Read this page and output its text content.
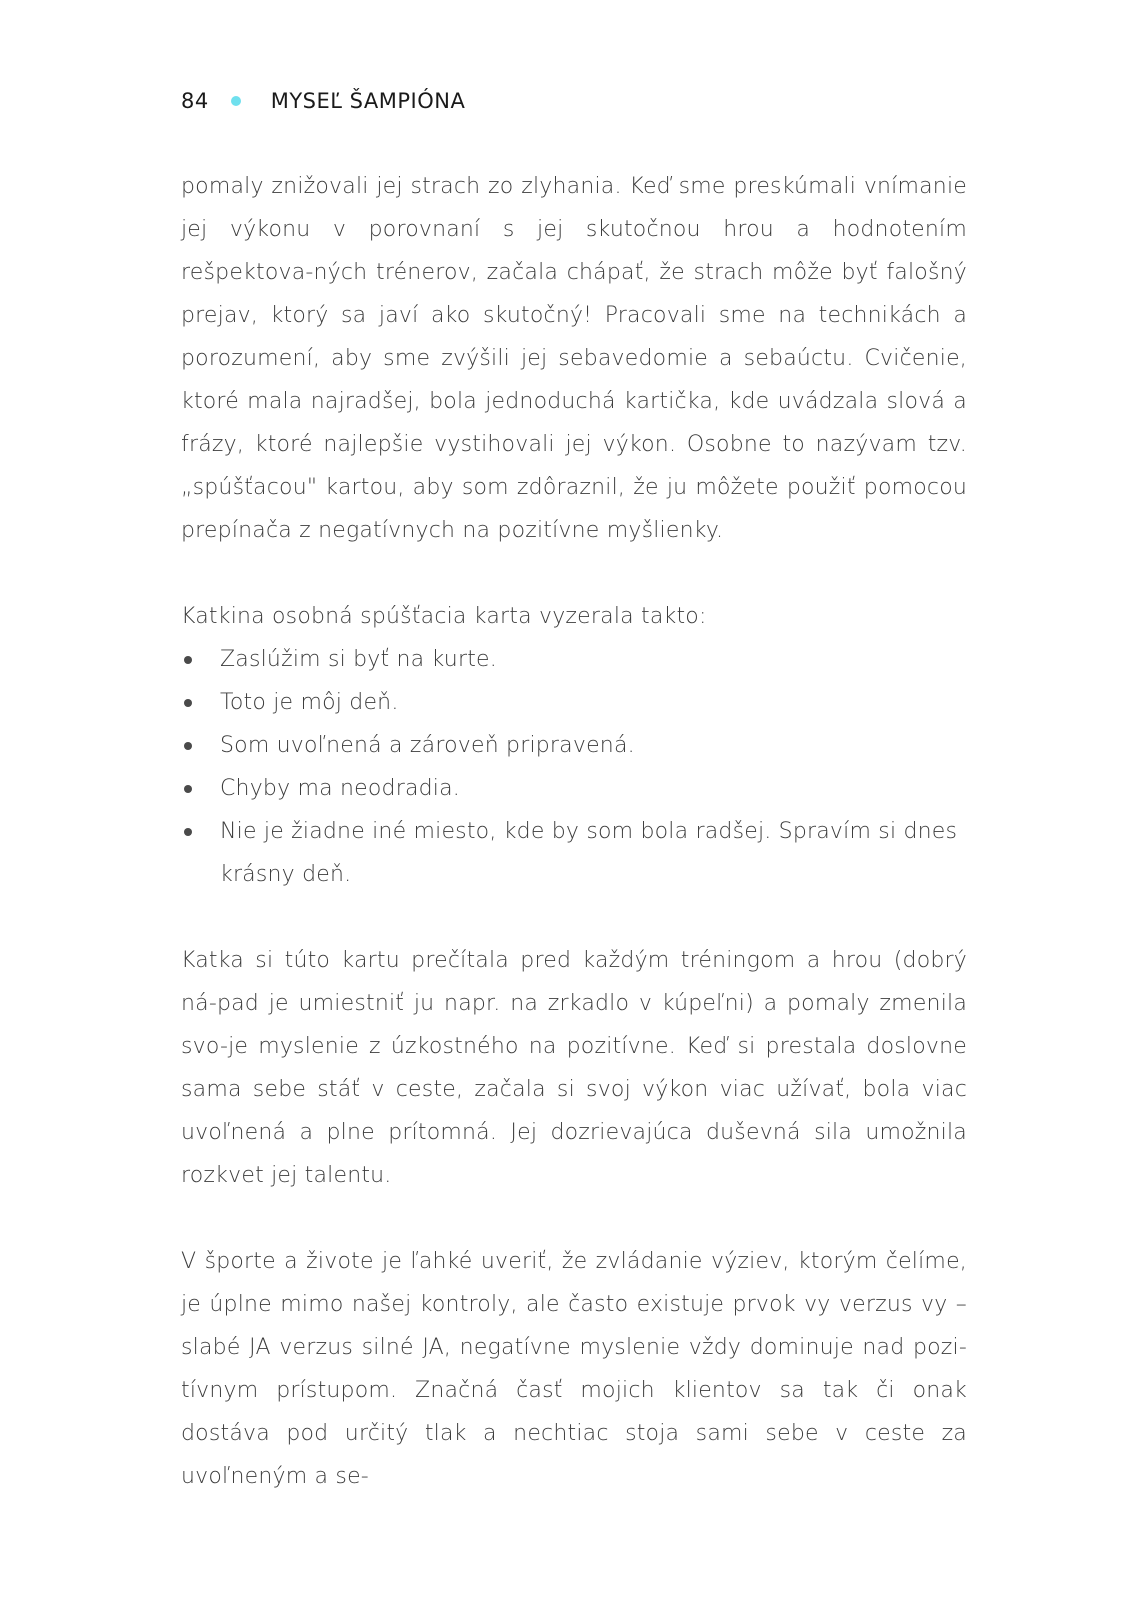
84	MYSEĽ ŠAMPIÓNA

pomaly znižovali jej strach zo zlyhania. Keď sme preskúmali vnímanie jej výkonu v porovnaní s jej skutočnou hrou a hodnotením rešpektova-ných trénerov, začala chápať, že strach môže byť falošný prejav, ktorý sa javí ako skutočný! Pracovali sme na technikách a porozumení, aby sme zvýšili jej sebavedomie a sebaúctu. Cvičenie, ktoré mala najradšej, bola jednoduchá kartička, kde uvádzala slová a frázy, ktoré najlepšie vystihovali jej výkon. Osobne to nazývam tzv. „spúšťacou" kartou, aby som zdôraznil, že ju môžete použiť pomocou prepínača z negatívnych na pozitívne myšlienky.

Katkina osobná spúšťacia karta vyzerala takto:

Zaslúžim si byť na kurte.
Toto je môj deň.
Som uvoľnená a zároveň pripravená.
Chyby ma neodradia.
Nie je žiadne iné miesto, kde by som bola radšej. Spravím si dnes krásny deň.

Katka si túto kartu prečítala pred každým tréningom a hrou (dobrý ná-pad je umiestniť ju napr. na zrkadlo v kúpeľni) a pomaly zmenila svo-je myslenie z úzkostného na pozitívne. Keď si prestala doslovne sama sebe stáť v ceste, začala si svoj výkon viac užívať, bola viac uvoľnená a plne prítomná. Jej dozrievajúca duševná sila umožnila rozkvet jej talentu.

V športe a živote je ľahké uveriť, že zvládanie výziev, ktorým čelíme, je úplne mimo našej kontroly, ale často existuje prvok vy verzus vy – slabé JA verzus silné JA, negatívne myslenie vždy dominuje nad pozi-tívnym prístupom. Značná časť mojich klientov sa tak či onak dostáva pod určitý tlak a nechtiac stoja sami sebe v ceste za uvoľneným a se-
